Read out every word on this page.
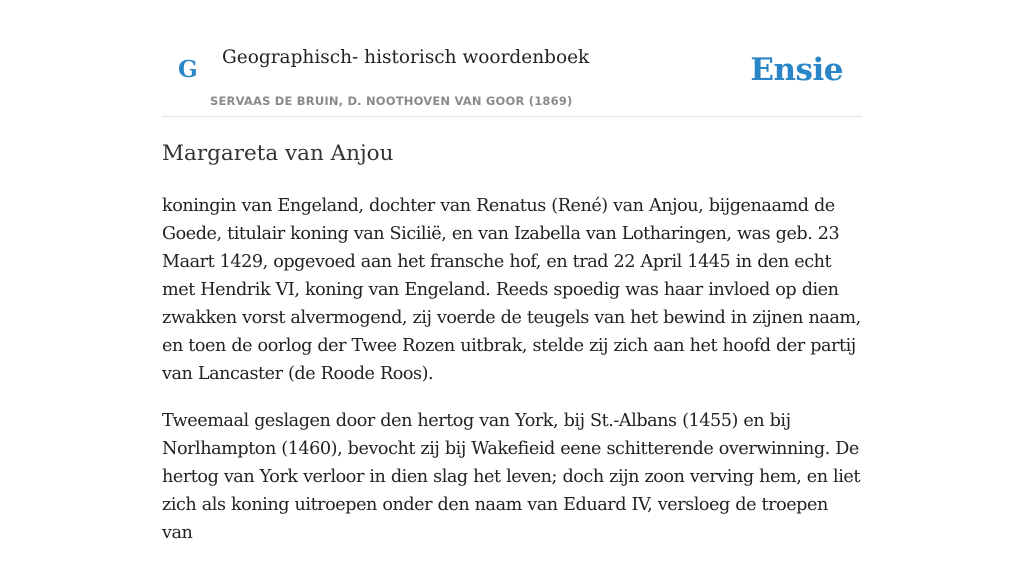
G Geographisch- historisch woordenboek
SERVAAS DE BRUIN, D. NOOTHOVEN VAN GOOR (1869)
Ensie
Margareta van Anjou

koningin van Engeland, dochter van Renatus (René) van Anjou, bijgenaamd de Goede, titulair koning van Sicilië, en van Izabella van Lotharingen, was geb. 23 Maart 1429, opgevoed aan het fransche hof, en trad 22 April 1445 in den echt met Hendrik VI, koning van Engeland. Reeds spoedig was haar invloed op dien zwakken vorst alvermogend, zij voerde de teugels van het bewind in zijnen naam, en toen de oorlog der Twee Rozen uitbrak, stelde zij zich aan het hoofd der partij van Lancaster (de Roode Roos).

Tweemaal geslagen door den hertog van York, bij St.-Albans (1455) en bij Norlhampton (1460), bevocht zij bij Wakefieid eene schitterende overwinning. De hertog van York verloor in dien slag het leven; doch zijn zoon verving hem, en liet zich als koning uitroepen onder den naam van Eduard IV, versloeg de troepen van
